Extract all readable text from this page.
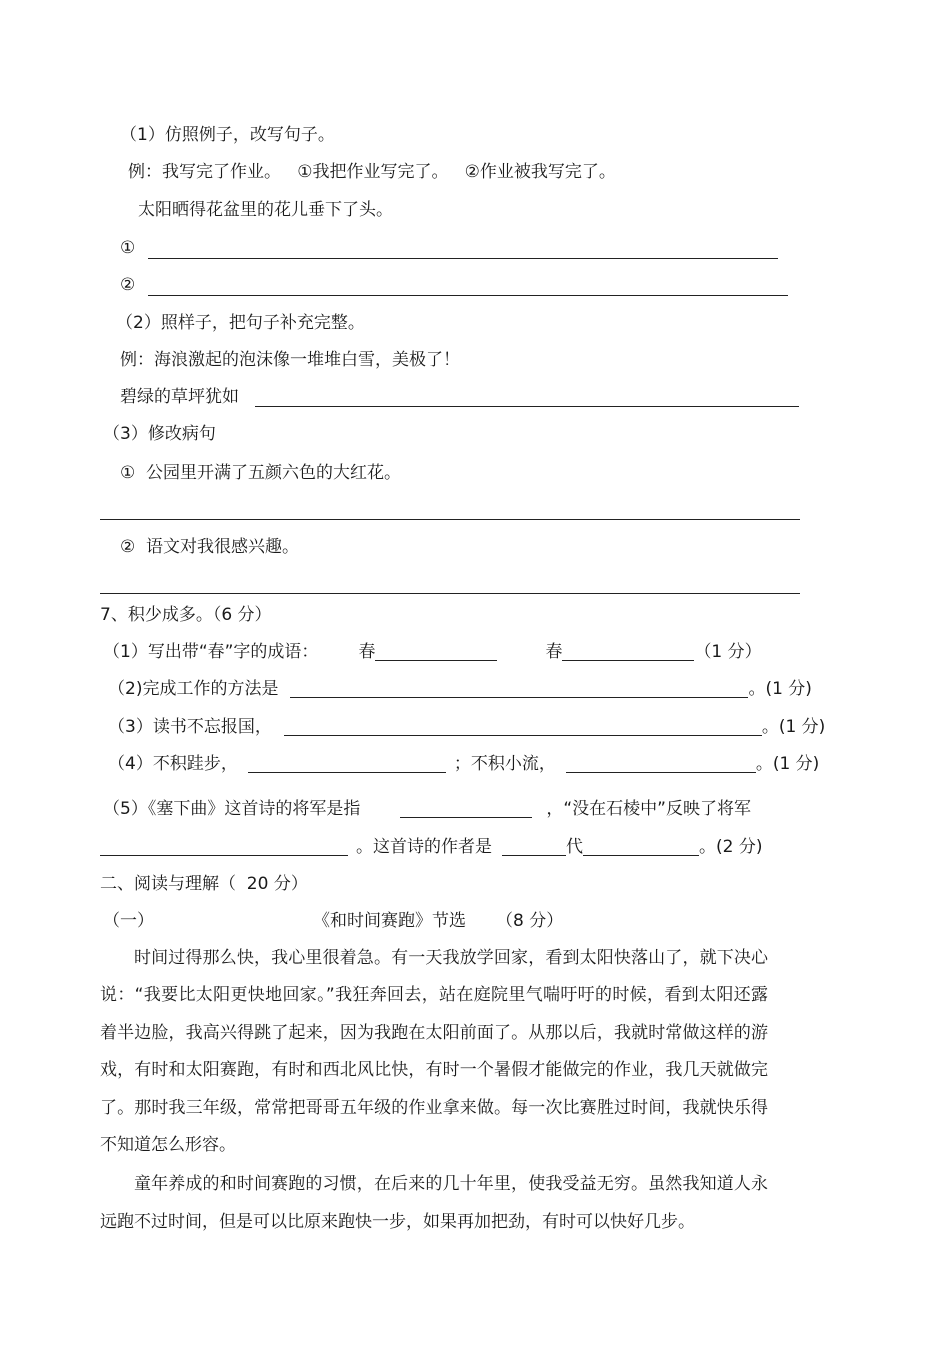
（1）仿照例子，改写句子。
例：我写完了作业。   ①我把作业写完了。   ②作业被我写完了。
太阳晒得花盆里的花儿垂下了头。
①
②
（2）照样子，把句子补充完整。
例：海浪激起的泡沫像一堆堆白雪，美极了！
碧绿的草坪犹如
（3）修改病句
①  公园里开满了五颜六色的大红花。
②  语文对我很感兴趣。
7、积少成多。（6 分）
（1）写出带“春”字的成语： 春	春	（1 分）
（2)完成工作的方法是	。(1 分)
（3）读书不忘报国，	。(1 分)
（4）不积跬步，	；不积小流，	。(1 分)
（5）《塞下曲》这首诗的将军是指	，“没在石棱中”反映了将军
。这首诗的作者是	代	。(2 分)
二、阅读与理解（  20 分）
（一）	《和时间赛跑》节选 （8 分）

时间过得那么快，我心里很着急。有一天我放学回家，看到太阳快落山了，就下决心说：“我要比太阳更快地回家。”我狂奔回去，站在庭院里气喘吁吁的时候，看到太阳还露着半边脸，我高兴得跳了起来，因为我跑在太阳前面了。从那以后，我就时常做这样的游戏，有时和太阳赛跑，有时和西北风比快，有时一个暑假才能做完的作业，我几天就做完了。那时我三年级，常常把哥哥五年级的作业拿来做。每一次比赛胜过时间，我就快乐得不知道怎么形容。

童年养成的和时间赛跑的习惯，在后来的几十年里，使我受益无穷。虽然我知道人永远跑不过时间，但是可以比原来跑快一步，如果再加把劲，有时可以快好几步。
